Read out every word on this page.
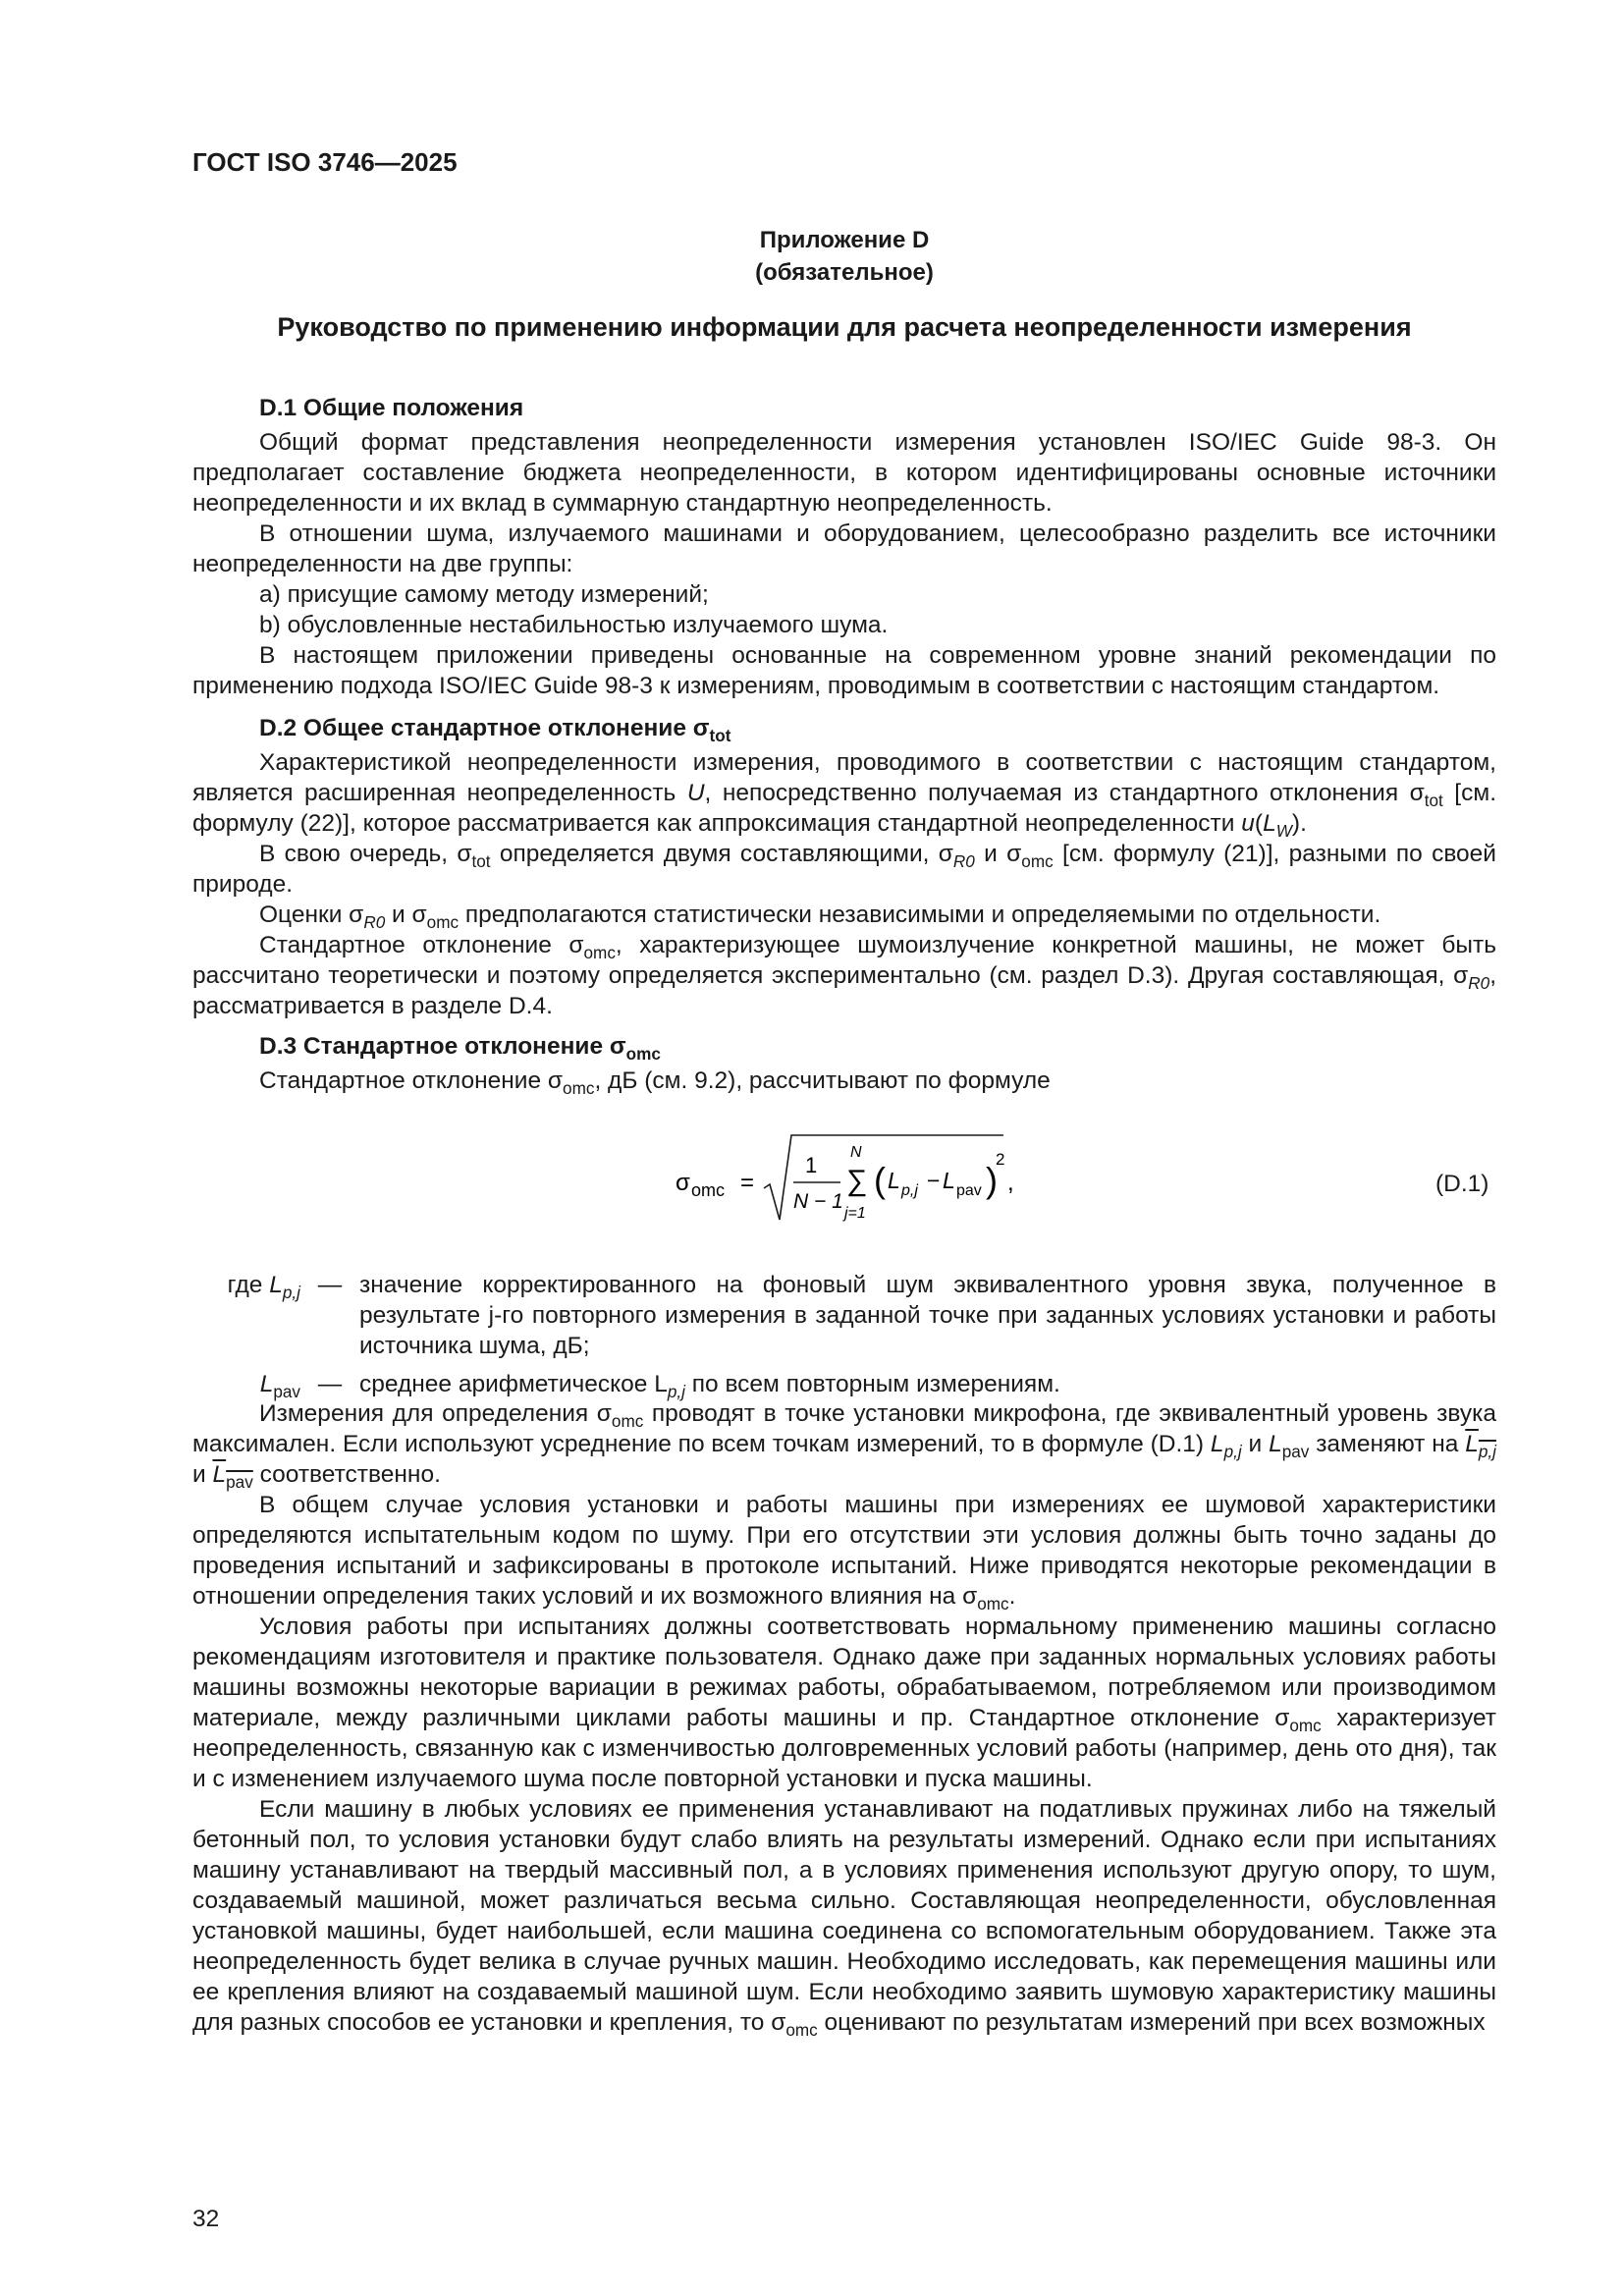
ГОСТ ISO 3746—2025
Приложение D
(обязательное)
Руководство по применению информации для расчета неопределенности измерения
D.1 Общие положения

Общий формат представления неопределенности измерения установлен ISO/IEC Guide 98-3. Он предполагает составление бюджета неопределенности, в котором идентифицированы основные источники неопределенности и их вклад в суммарную стандартную неопределенность.

В отношении шума, излучаемого машинами и оборудованием, целесообразно разделить все источники неопределенности на две группы:

a) присущие самому методу измерений;

b) обусловленные нестабильностью излучаемого шума.

В настоящем приложении приведены основанные на современном уровне знаний рекомендации по применению подхода ISO/IEC Guide 98-3 к измерениям, проводимым в соответствии с настоящим стандартом.

D.2 Общее стандартное отклонение $\sigma_{tot}$

Характеристикой неопределенности измерения, проводимого в соответствии с настоящим стандартом, является расширенная неопределенность U, непосредственно получаемая из стандартного отклонения $\sigma_{tot}$ [см. формулу (22)], которое рассматривается как аппроксимация стандартной неопределенности $u(L_W)$.

В свою очередь, $\sigma_{tot}$ определяется двумя составляющими, $\sigma_{R0}$ и $\sigma_{omc}$ [см. формулу (21)], разными по своей природе.

Оценки $\sigma_{R0}$ и $\sigma_{omc}$ предполагаются статистически независимыми и определяемыми по отдельности.

Стандартное отклонение $\sigma_{omc}$, характеризующее шумоизлучение конкретной машины, не может быть рассчитано теоретически и поэтому определяется экспериментально (см. раздел D.3). Другая составляющая, $\sigma_{R0}$, рассматривается в разделе D.4.

D.3 Стандартное отклонение $\sigma_{omc}$

Стандартное отклонение $\sigma_{omc}$, дБ (см. 9.2), рассчитывают по формуле

σ omc =
1
N − 1
N
∑
j=1
( L p,j − L pav )
2
,	(D.1)
где $L_{p,j}$ — значение корректированного на фоновый шум эквивалентного уровня звука, полученное в результате j-го повторного измерения в заданной точке при заданных условиях установки и работы источника шума, дБ;
$L_{pav}$ — среднее арифметическое $L_{p,j}$ по всем повторным измерениям.

Измерения для определения $\sigma_{omc}$ проводят в точке установки микрофона, где эквивалентный уровень звука максимален. Если используют усреднение по всем точкам измерений, то в формуле (D.1) $L_{p,j}$ и $L_{pav}$ заменяют на $L_{p,j}$ и $L_{pav}$ соответственно.

В общем случае условия установки и работы машины при измерениях ее шумовой характеристики определяются испытательным кодом по шуму. При его отсутствии эти условия должны быть точно заданы до проведения испытаний и зафиксированы в протоколе испытаний. Ниже приводятся некоторые рекомендации в отношении определения таких условий и их возможного влияния на $\sigma_{omc}$.

Условия работы при испытаниях должны соответствовать нормальному применению машины согласно рекомендациям изготовителя и практике пользователя. Однако даже при заданных нормальных условиях работы машины возможны некоторые вариации в режимах работы, обрабатываемом, потребляемом или производимом материале, между различными циклами работы машины и пр. Стандартное отклонение $\sigma_{omc}$ характеризует неопределенность, связанную как с изменчивостью долговременных условий работы (например, день ото дня), так и с изменением излучаемого шума после повторной установки и пуска машины.

Если машину в любых условиях ее применения устанавливают на податливых пружинах либо на тяжелый бетонный пол, то условия установки будут слабо влиять на результаты измерений. Однако если при испытаниях машину устанавливают на твердый массивный пол, а в условиях применения используют другую опору, то шум, создаваемый машиной, может различаться весьма сильно. Составляющая неопределенности, обусловленная установкой машины, будет наибольшей, если машина соединена со вспомогательным оборудованием. Также эта неопределенность будет велика в случае ручных машин. Необходимо исследовать, как перемещения машины или ее крепления влияют на создаваемый машиной шум. Если необходимо заявить шумовую характеристику машины для разных способов ее установки и крепления, то $\sigma_{omc}$ оценивают по результатам измерений при всех возможных

32
